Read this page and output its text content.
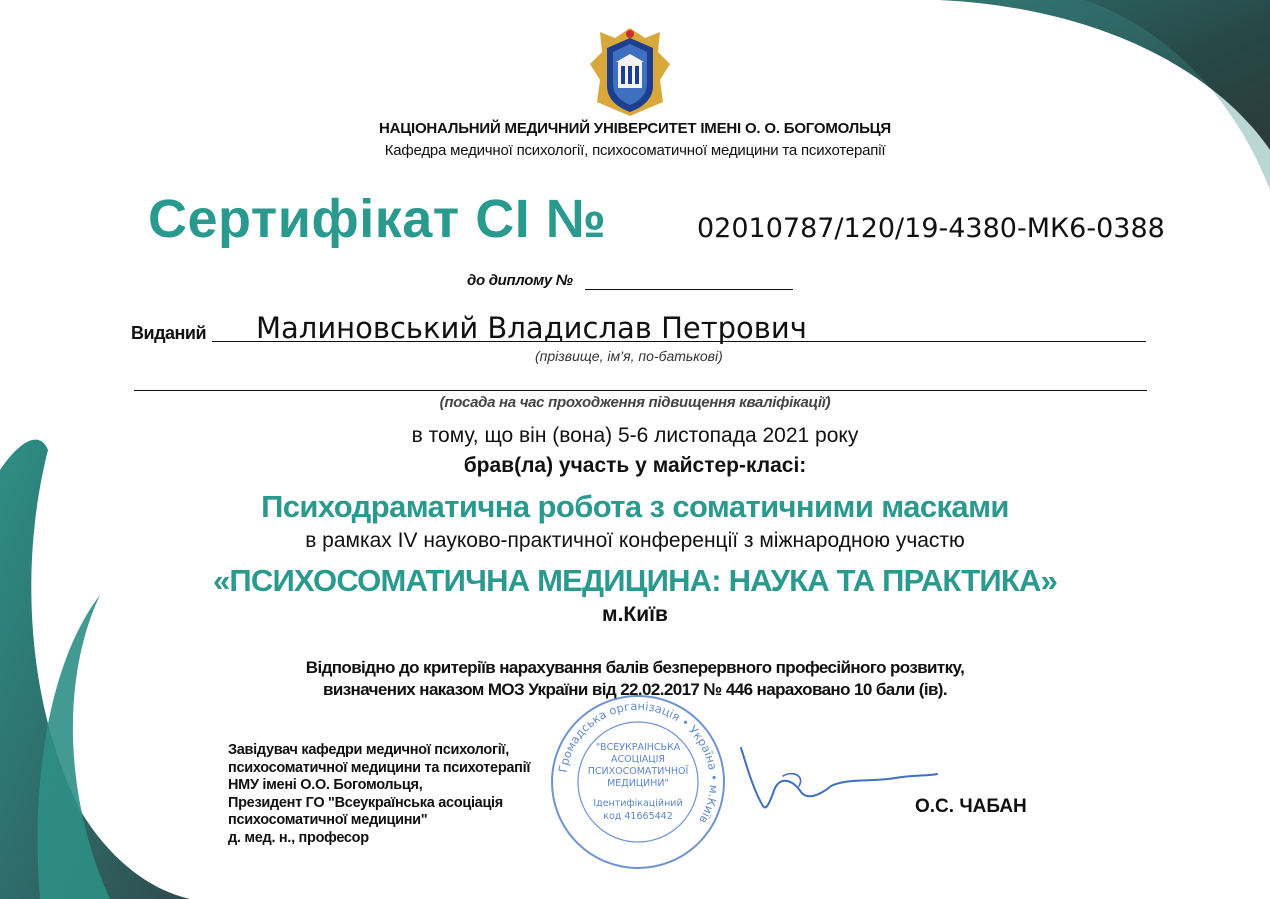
НАЦІОНАЛЬНИЙ МЕДИЧНИЙ УНІВЕРСИТЕТ ІМЕНІ О. О. БОГОМОЛЬЦЯ
Кафедра медичної психології, психосоматичної медицини та психотерапії
Сертифікат СІ №	02010787/120/19-4380-МК6-0388
до диплому №
Виданий Малиновський Владислав Петрович
(прізвище, ім’я, по-батькові)
(посада на час проходження підвищення кваліфікації)
в тому, що він (вона) 5-6 листопада 2021 року
брав(ла) участь у майстер-класі:
Психодраматична робота з соматичними масками
в рамках IV науково-практичної конференції з міжнародною участю
«ПСИХОСОМАТИЧНА МЕДИЦИНА: НАУКА ТА ПРАКТИКА»
м.Київ
Відповідно до критеріїв нарахування балів безперервного професійного розвитку,
визначених наказом МОЗ України від 22.02.2017 № 446 нараховано 10 бали (ів).
Громадська організація • Україна • м.Київ
"ВСЕУКРАЇНСЬКА
АСОЦІАЦІЯ
ПСИХОСОМАТИЧНОЇ
МЕДИЦИНИ"
Ідентифікаційний
код 41665442
Завідувач кафедри медичної психології,
психосоматичної медицини та психотерапії
НМУ імені О.О. Богомольця,
Президент ГО "Всеукраїнська асоціація
психосоматичної медицини"
д. мед. н., професор
О.С. ЧАБАН
